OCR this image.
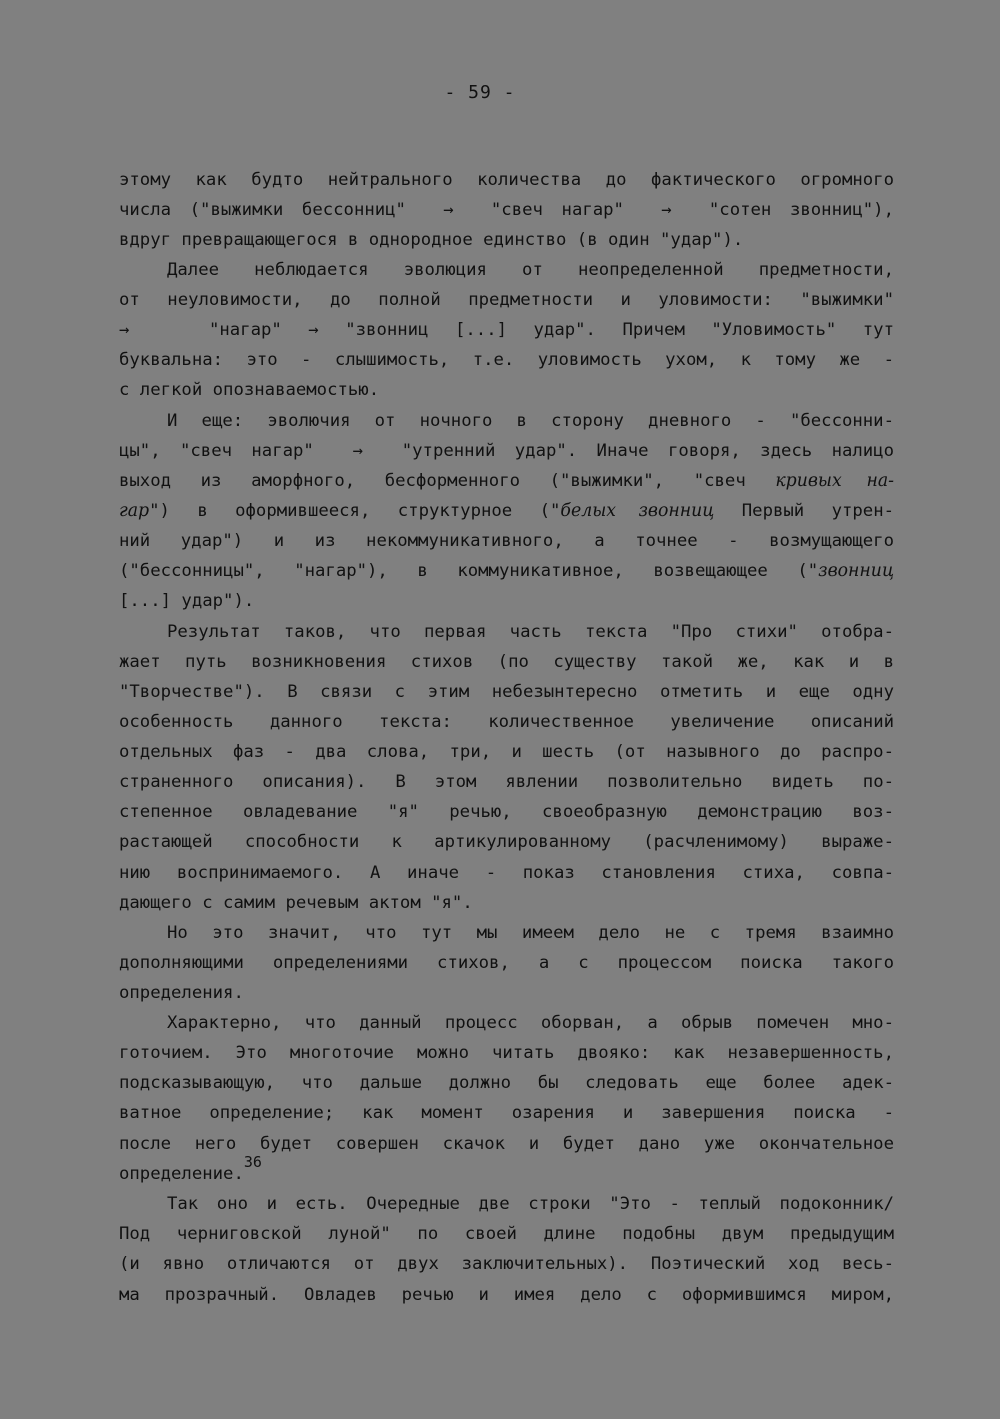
- 59 -
этому как будто нейтрального количества до фактического огромного
числа ("выжимки бессонниц"  →  "свеч нагар"  →  "сотен звонниц"),
вдруг превращающегося в однородное единство (в один "удар").
Далее неблюдается эволюция от неопределенной предметности,
от неуловимости, до полной предметности и уловимости: "выжимки"
→   "нагар" → "звонниц [...] удар". Причем "Уловимость" тут
буквальна: это - слышимость, т.е. уловимость ухом, к тому же -
с легкой опознаваемостью.
И еще: эволючия от ночного в сторону дневного - "бессонни-
цы", "свеч нагар"  →  "утренний удар". Иначе говоря, здесь налицо
выход из аморфного, бесформенного ("выжимки", "свеч кривых на-
гар") в оформившееся, структурное ("белых звонниц Первый утрен-
ний удар") и из некоммуникативного, а точнее - возмущающего
("бессонницы", "нагар"), в коммуникативное, возвещающее ("звонниц
[...] удар").
Результат таков, что первая часть текста "Про стихи" отобра-
жает путь возникновения стихов (по существу такой же, как и в
"Творчестве"). В связи с этим небезынтересно отметить и еще одну
особенность данного текста: количественное увеличение описаний
отдельных фаз - два слова, три, и шесть (от назывного до распро-
страненного описания). В этом явлении позволительно видеть по-
степенное овладевание "я" речью, своеобразную демонстрацию воз-
растающей способности к артикулированному (расчленимому) выраже-
нию воспринимаемого. А иначе - показ становления стиха, совпа-
дающего с самим речевым актом "я".
Но это значит, что тут мы имеем дело не с тремя взаимно
дополняющими определениями стихов, а с процессом поиска такого
определения.
Характерно, что данный процесс оборван, а обрыв помечен мно-
готочием. Это многоточие можно читать двояко: как незавершенность,
подсказывающую, что дальше должно бы следовать еще более адек-
ватное определение; как момент озарения и завершения поиска -
после него будет совершен скачок и будет дано уже окончательное
определение.$^{36}$
Так оно и есть. Очередные две строки "Это - теплый подоконник/
Под черниговской луной" по своей длине подобны двум предыдущим
(и явно отличаются от двух заключительных). Поэтический ход весь-
ма прозрачный. Овладев речью и имея дело с оформившимся миром,
